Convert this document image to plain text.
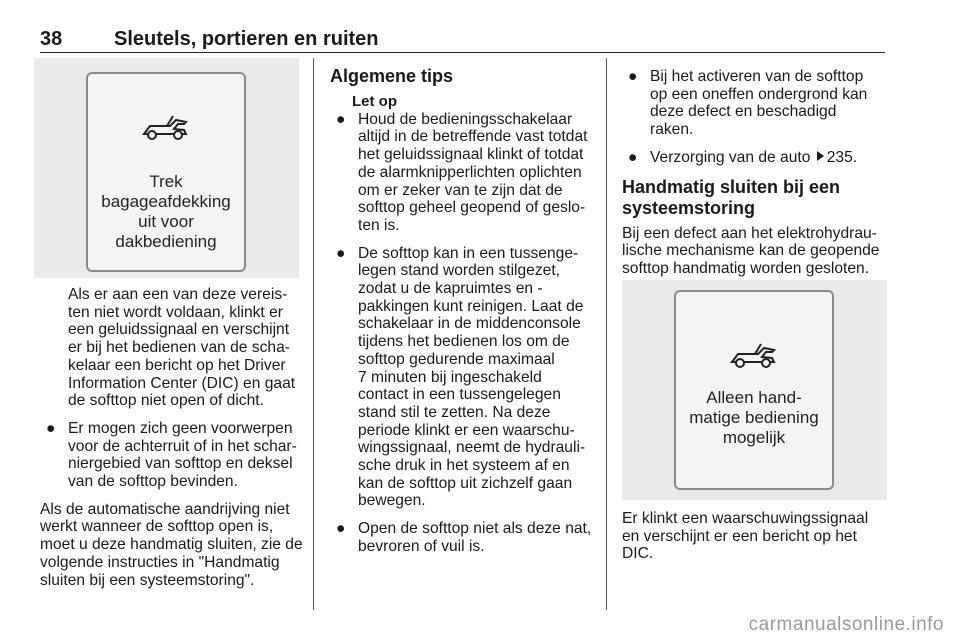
38	Sleutels, portieren en ruiten
Trek
bagageafdekking
uit voor
dakbediening
Als er aan een van deze vereis-
ten niet wordt voldaan, klinkt er
een geluidssignaal en verschijnt
er bij het bedienen van de scha-
kelaar een bericht op het Driver
Information Center (DIC) en gaat
de softtop niet open of dicht.
● Er mogen zich geen voorwerpen
voor de achterruit of in het schar-
niergebied van softtop en deksel
van de softtop bevinden.

Als de automatische aandrijving niet
werkt wanneer de softtop open is,
moet u deze handmatig sluiten, zie de
volgende instructies in "Handmatig
sluiten bij een systeemstoring".

Algemene tips
Let op
● Houd de bedieningsschakelaar
altijd in de betreffende vast totdat
het geluidssignaal klinkt of totdat
de alarmknipperlichten oplichten
om er zeker van te zijn dat de
softtop geheel geopend of geslo-
ten is.
● De softtop kan in een tussenge-
legen stand worden stilgezet,
zodat u de kapruimtes en -
pakkingen kunt reinigen. Laat de
schakelaar in de middenconsole
tijdens het bedienen los om de
softtop gedurende maximaal
7 minuten bij ingeschakeld
contact in een tussengelegen
stand stil te zetten. Na deze
periode klinkt er een waarschu-
wingssignaal, neemt de hydrauli-
sche druk in het systeem af en
kan de softtop uit zichzelf gaan
bewegen.
● Open de softtop niet als deze nat,
bevroren of vuil is.
● Bij het activeren van de softtop
op een oneffen ondergrond kan
deze defect en beschadigd
raken.
● Verzorging van de auto 235.
Handmatig sluiten bij een
systeemstoring

Bij een defect aan het elektrohydrau-
lische mechanisme kan de geopende
softtop handmatig worden gesloten.

Alleen hand-
matige bediening
mogelijk

Er klinkt een waarschuwingssignaal
en verschijnt er een bericht op het
DIC.

carmanualsonline.info
